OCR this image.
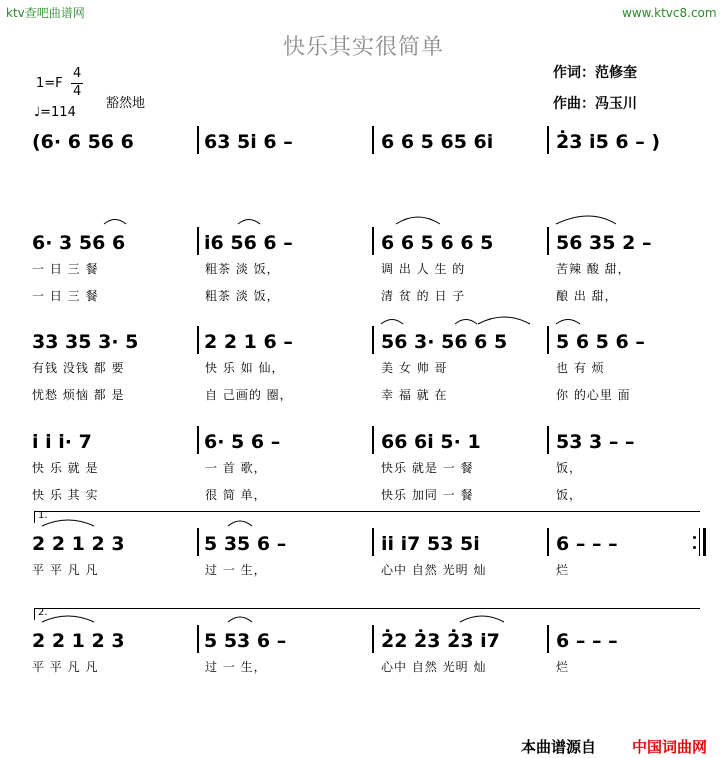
ktv查吧曲谱网	www.ktvc8.com
快乐其实很简单
作词：范修奎
作曲：冯玉川
1=F
4
4
♩=114
豁然地
(6· 6 56 6	63 5i 6 –	6 6 5 65 6i	2̇3 i5 6 – )
6· 3 56 6	i6 56 6 –	6 6 5 6 6 5	56 35 2 –
一 日 三 餐	粗茶 淡 饭，	调 出 人 生 的	苦辣 酸 甜，
一 日 三 餐	粗茶 淡 饭，	清 贫 的 日 子	酿 出 甜，
33 35 3· 5	2 2 1 6 –	56 3· 56 6 5	5 6 5 6 –
有钱 没钱 都 要	快 乐 如 仙，	美 女 帅 哥	也 有 烦
忧愁 烦恼 都 是	自 己画的 圈，	幸 福 就 在	你 的心里 面
i i i· 7	6· 5 6 –	66 6i 5· 1	53 3 – –
快 乐 就 是	一 首 歌，	快乐 就是 一 餐	饭，
快 乐 其 实	很 简 单，	快乐 加同 一 餐	饭，
1.
2 2 1 2 3	5 35 6 –	ii i7 53 5i	6 – – –
平 平 凡 凡	过 一 生，	心中 自然 光明 灿	烂
2.
2 2 1 2 3	5 53 6 –	2̇2 2̇3 2̇3 i7	6 – – –
平 平 凡 凡	过 一 生，	心中 自然 光明 灿	烂
本曲谱源自 中国词曲网
